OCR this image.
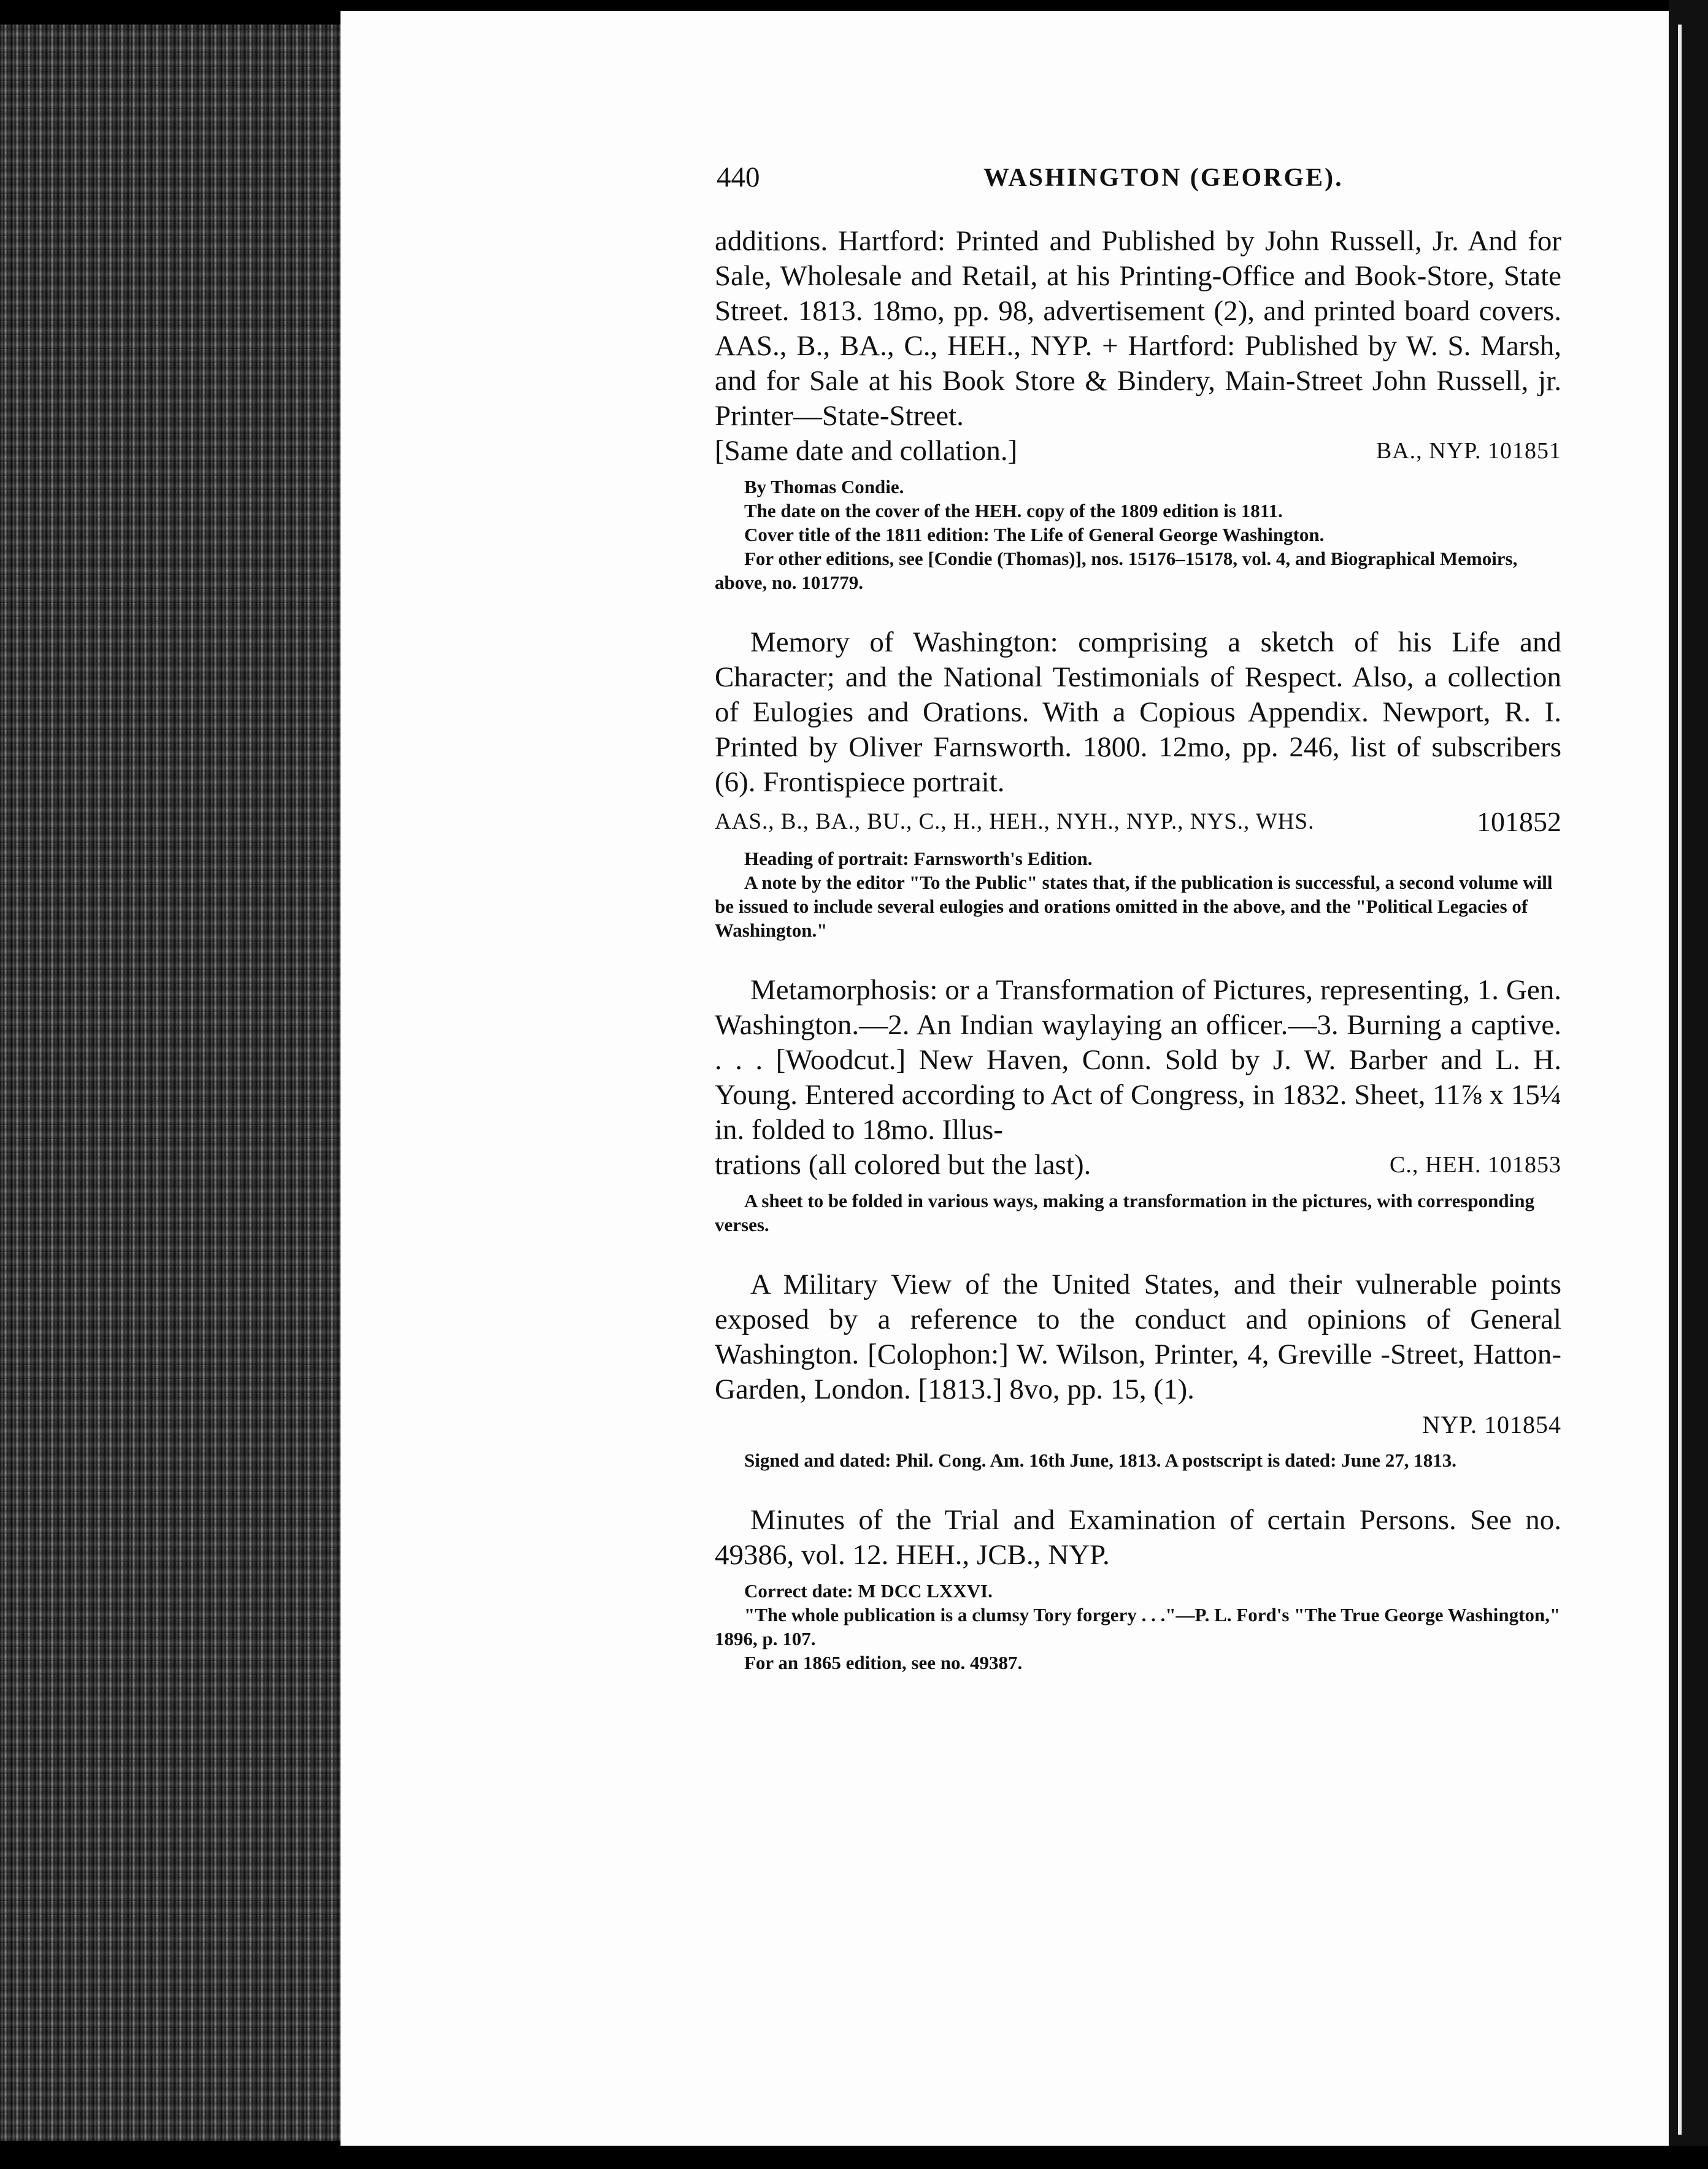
440	WASHINGTON (GEORGE).

additions. Hartford: Printed and Published by John Russell, Jr. And for Sale, Wholesale and Retail, at his Printing-Office and Book-Store, State Street. 1813. 18mo, pp. 98, advertisement (2), and printed board covers. AAS., B., BA., C., HEH., NYP. + Hartford: Published by W. S. Marsh, and for Sale at his Book Store & Bindery, Main-Street John Russell, jr. Printer—State-Street.

[Same date and collation.]	BA., NYP. 101851

By Thomas Condie.

The date on the cover of the HEH. copy of the 1809 edition is 1811.

Cover title of the 1811 edition: The Life of General George Washington.

For other editions, see [Condie (Thomas)], nos. 15176–15178, vol. 4, and Biographical Memoirs, above, no. 101779.

Memory of Washington: comprising a sketch of his Life and Character; and the National Testimonials of Respect. Also, a collection of Eulogies and Orations. With a Copious Appendix. Newport, R. I. Printed by Oliver Farnsworth. 1800. 12mo, pp. 246, list of subscribers (6). Frontispiece portrait.

AAS., B., BA., BU., C., H., HEH., NYH., NYP., NYS., WHS.	101852

Heading of portrait: Farnsworth's Edition.

A note by the editor "To the Public" states that, if the publication is successful, a second volume will be issued to include several eulogies and orations omitted in the above, and the "Political Legacies of Washington."

Metamorphosis: or a Transformation of Pictures, representing, 1. Gen. Washington.—2. An Indian waylaying an officer.—3. Burning a captive. . . . [Woodcut.] New Haven, Conn. Sold by J. W. Barber and L. H. Young. Entered according to Act of Congress, in 1832. Sheet, 11⅞ x 15¼ in. folded to 18mo. Illus-

trations (all colored but the last).	C., HEH. 101853

A sheet to be folded in various ways, making a transformation in the pictures, with corresponding verses.

A Military View of the United States, and their vulnerable points exposed by a reference to the conduct and opinions of General Washington. [Colophon:] W. Wilson, Printer, 4, Greville -Street, Hatton-Garden, London. [1813.] 8vo, pp. 15, (1).

NYP. 101854

Signed and dated: Phil. Cong. Am. 16th June, 1813. A postscript is dated: June 27, 1813.

Minutes of the Trial and Examination of certain Persons. See no. 49386, vol. 12. HEH., JCB., NYP.

Correct date: M DCC LXXVI.

"The whole publication is a clumsy Tory forgery . . ."—P. L. Ford's "The True George Washington," 1896, p. 107.

For an 1865 edition, see no. 49387.
